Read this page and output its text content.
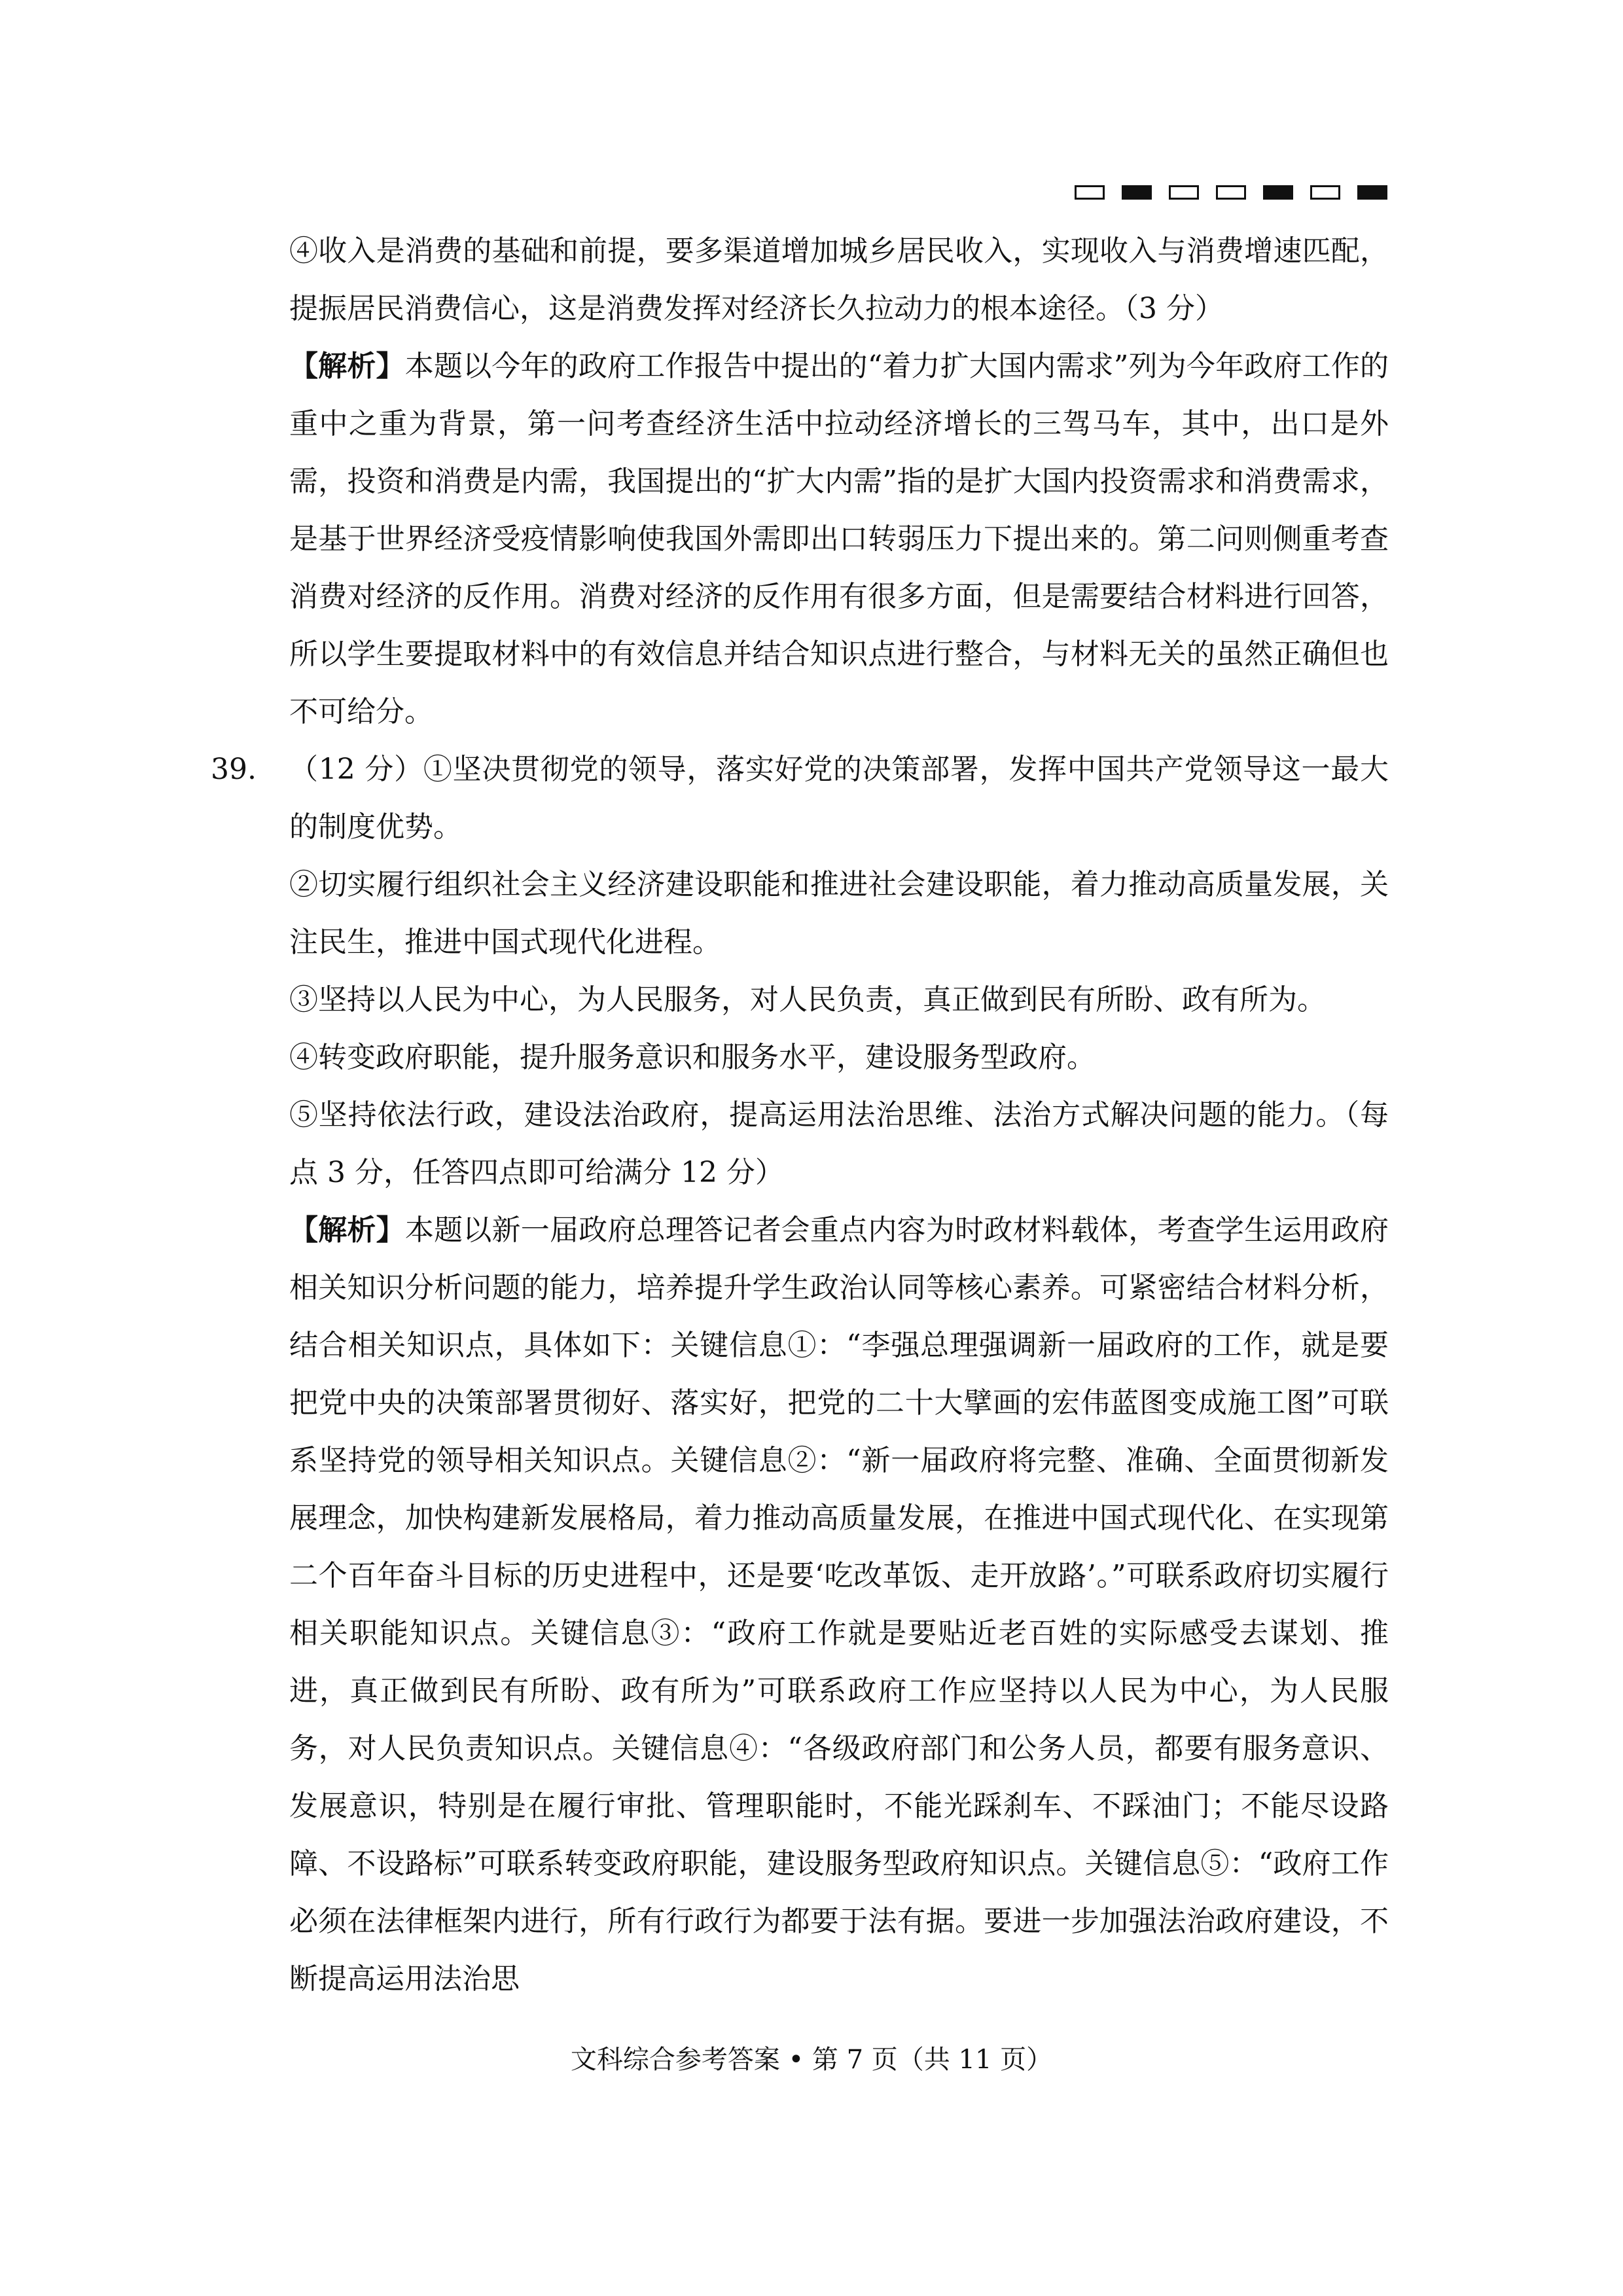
④收入是消费的基础和前提，要多渠道增加城乡居民收入，实现收入与消费增速匹配，提振居民消费信心，这是消费发挥对经济长久拉动力的根本途径。（3 分）

【解析】本题以今年的政府工作报告中提出的“着力扩大国内需求”列为今年政府工作的重中之重为背景，第一问考查经济生活中拉动经济增长的三驾马车，其中，出口是外需，投资和消费是内需，我国提出的“扩大内需”指的是扩大国内投资需求和消费需求，是基于世界经济受疫情影响使我国外需即出口转弱压力下提出来的。第二问则侧重考查消费对经济的反作用。消费对经济的反作用有很多方面，但是需要结合材料进行回答，所以学生要提取材料中的有效信息并结合知识点进行整合，与材料无关的虽然正确但也不可给分。

39. （12 分）①坚决贯彻党的领导，落实好党的决策部署，发挥中国共产党领导这一最大的制度优势。

②切实履行组织社会主义经济建设职能和推进社会建设职能，着力推动高质量发展，关注民生，推进中国式现代化进程。

③坚持以人民为中心，为人民服务，对人民负责，真正做到民有所盼、政有所为。

④转变政府职能，提升服务意识和服务水平，建设服务型政府。

⑤坚持依法行政，建设法治政府，提高运用法治思维、法治方式解决问题的能力。（每点 3 分，任答四点即可给满分 12 分）

【解析】本题以新一届政府总理答记者会重点内容为时政材料载体，考查学生运用政府相关知识分析问题的能力，培养提升学生政治认同等核心素养。可紧密结合材料分析，结合相关知识点，具体如下：关键信息①：“李强总理强调新一届政府的工作，就是要把党中央的决策部署贯彻好、落实好，把党的二十大擘画的宏伟蓝图变成施工图”可联系坚持党的领导相关知识点。关键信息②：“新一届政府将完整、准确、全面贯彻新发展理念，加快构建新发展格局，着力推动高质量发展，在推进中国式现代化、在实现第二个百年奋斗目标的历史进程中，还是要‘吃改革饭、走开放路’。”可联系政府切实履行相关职能知识点。关键信息③：“政府工作就是要贴近老百姓的实际感受去谋划、推进，真正做到民有所盼、政有所为”可联系政府工作应坚持以人民为中心，为人民服务，对人民负责知识点。关键信息④：“各级政府部门和公务人员，都要有服务意识、发展意识，特别是在履行审批、管理职能时，不能光踩刹车、不踩油门；不能尽设路障、不设路标”可联系转变政府职能，建设服务型政府知识点。关键信息⑤：“政府工作必须在法律框架内进行，所有行政行为都要于法有据。要进一步加强法治政府建设，不断提高运用法治思

文科综合参考答案 • 第 7 页（共 11 页）
